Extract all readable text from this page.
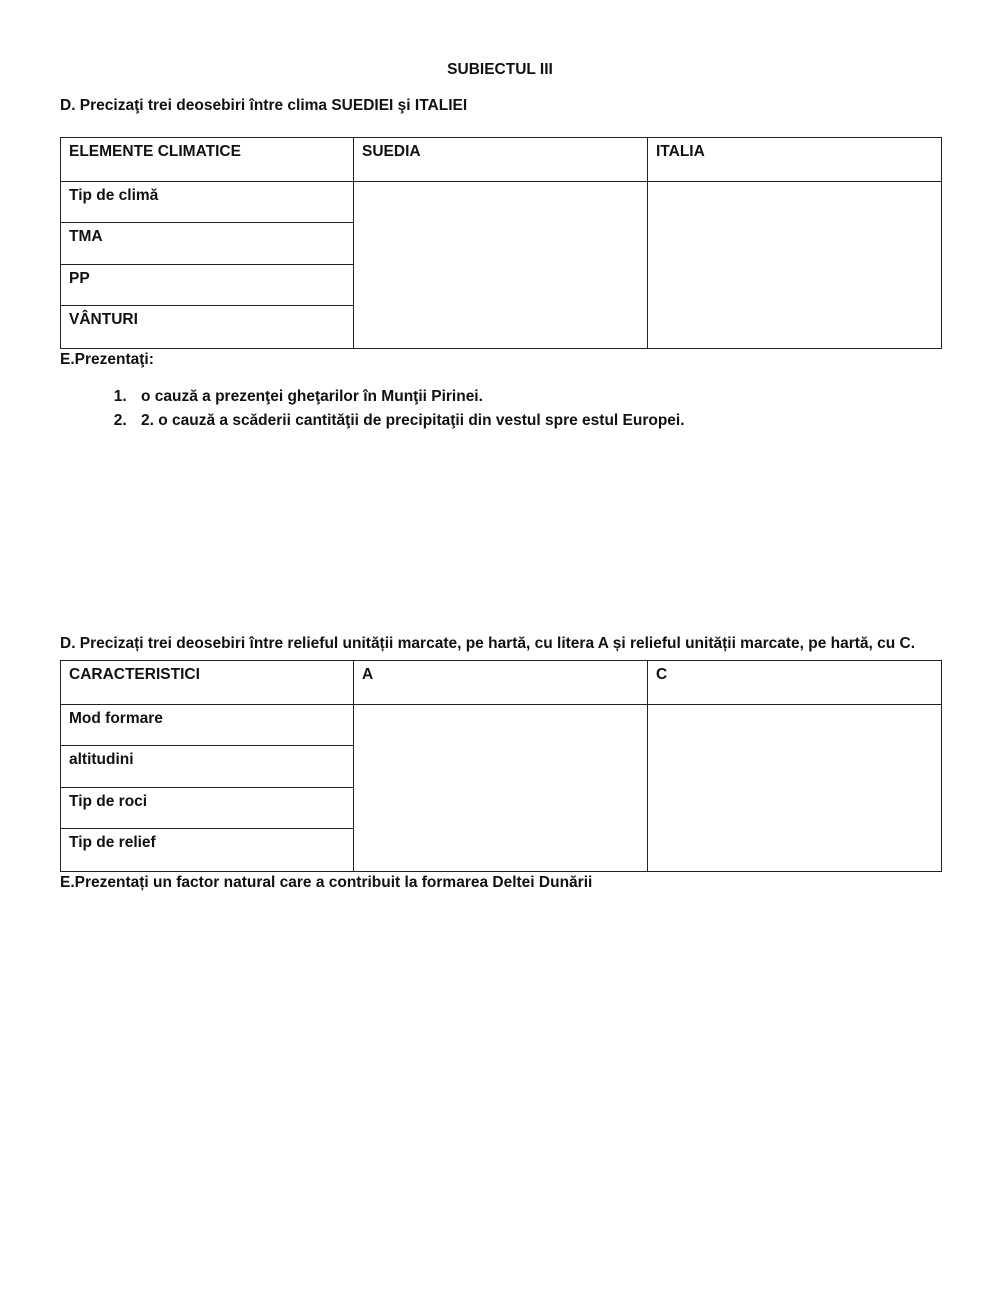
SUBIECTUL III
D. Precizaţi trei deosebiri între clima SUEDIEI şi ITALIEI
ELEMENTE CLIMATICE	SUEDIA	ITALIA
Tip de climă		
TMA		
PP		
VÂNTURI		
E.Prezentaţi:
1. o cauză a prezenţei gheţarilor în Munţii Pirinei.
2. 2. o cauză a scăderii cantităţii de precipitaţii din vestul spre estul Europei.
D. Precizați trei deosebiri între relieful unității marcate, pe hartă, cu litera A și relieful unității marcate, pe hartă, cu C.
CARACTERISTICI	A	C
Mod formare		
altitudini		
Tip de roci		
Tip de relief		
E.Prezentați un factor natural care a contribuit la formarea Deltei Dunării
